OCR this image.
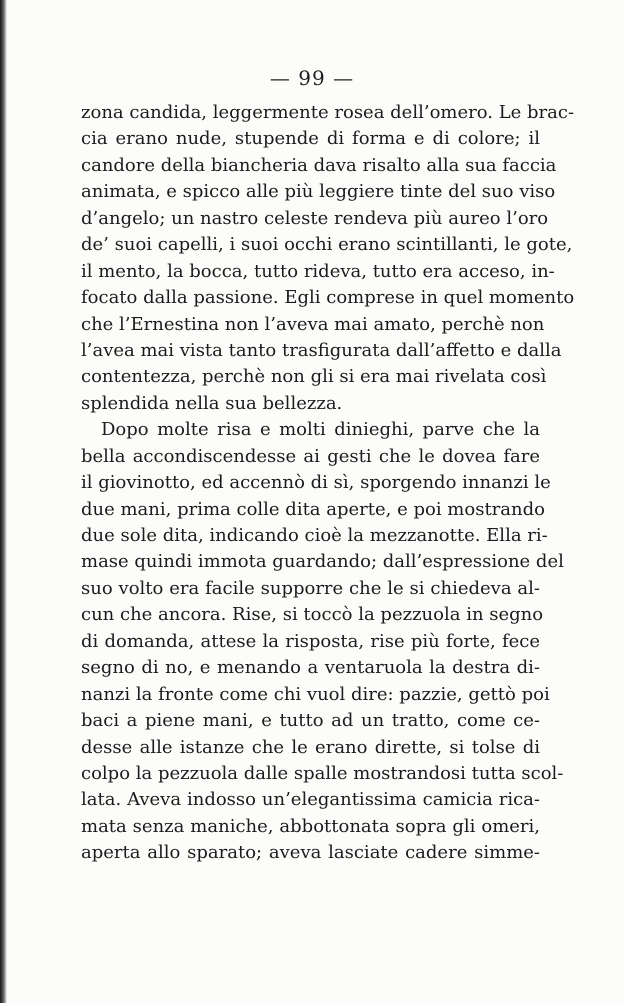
— 99 —

zona candida, leggermente rosea dell’omero. Le brac-
cia erano nude, stupende di forma e di colore; il
candore della biancheria dava risalto alla sua faccia
animata, e spicco alle più leggiere tinte del suo viso
d’angelo; un nastro celeste rendeva più aureo l’oro
de’ suoi capelli, i suoi occhi erano scintillanti, le gote,
il mento, la bocca, tutto rideva, tutto era acceso, in-
focato dalla passione. Egli comprese in quel momento
che l’Ernestina non l’aveva mai amato, perchè non
l’avea mai vista tanto trasfigurata dall’affetto e dalla
contentezza, perchè non gli si era mai rivelata così
splendida nella sua bellezza.
Dopo molte risa e molti dinieghi, parve che la
bella accondiscendesse ai gesti che le dovea fare
il giovinotto, ed accennò di sì, sporgendo innanzi le
due mani, prima colle dita aperte, e poi mostrando
due sole dita, indicando cioè la mezzanotte. Ella ri-
mase quindi immota guardando; dall’espressione del
suo volto era facile supporre che le si chiedeva al-
cun che ancora. Rise, si toccò la pezzuola in segno
di domanda, attese la risposta, rise più forte, fece
segno di no, e menando a ventaruola la destra di-
nanzi la fronte come chi vuol dire: pazzie, gettò poi
baci a piene mani, e tutto ad un tratto, come ce-
desse alle istanze che le erano dirette, si tolse di
colpo la pezzuola dalle spalle mostrandosi tutta scol-
lata. Aveva indosso un’elegantissima camicia rica-
mata senza maniche, abbottonata sopra gli omeri,
aperta allo sparato; aveva lasciate cadere simme-
